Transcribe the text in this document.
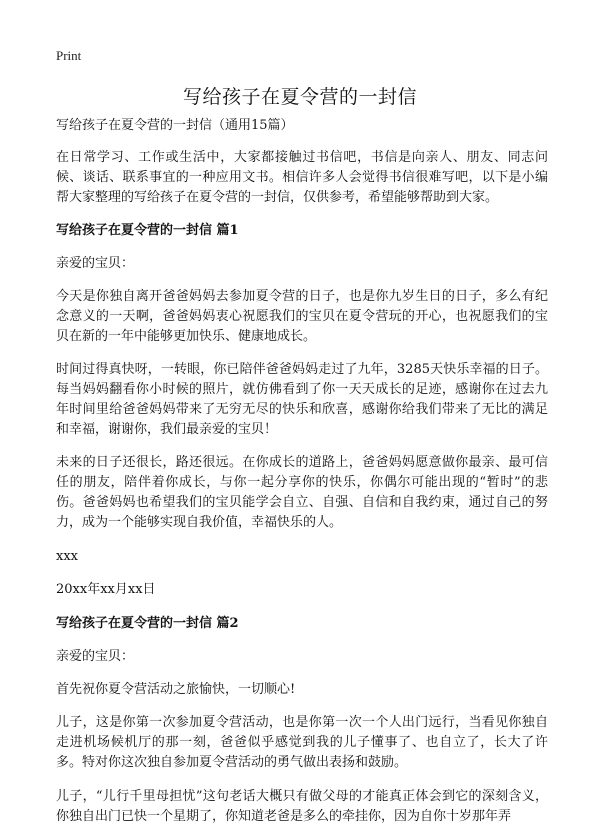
Print
写给孩子在夏令营的一封信

写给孩子在夏令营的一封信（通用15篇）

在日常学习、工作或生活中，大家都接触过书信吧，书信是向亲人、朋友、同志问候、谈话、联系事宜的一种应用文书。相信许多人会觉得书信很难写吧，以下是小编帮大家整理的写给孩子在夏令营的一封信，仅供参考，希望能够帮助到大家。

写给孩子在夏令营的一封信 篇1

亲爱的宝贝：

今天是你独自离开爸爸妈妈去参加夏令营的日子，也是你九岁生日的日子，多么有纪念意义的一天啊，爸爸妈妈衷心祝愿我们的宝贝在夏令营玩的开心，也祝愿我们的宝贝在新的一年中能够更加快乐、健康地成长。

时间过得真快呀，一转眼，你已陪伴爸爸妈妈走过了九年，3285天快乐幸福的日子。每当妈妈翻看你小时候的照片，就仿佛看到了你一天天成长的足迹，感谢你在过去九年时间里给爸爸妈妈带来了无穷无尽的快乐和欣喜，感谢你给我们带来了无比的满足和幸福，谢谢你，我们最亲爱的宝贝！

未来的日子还很长，路还很远。在你成长的道路上，爸爸妈妈愿意做你最亲、最可信任的朋友，陪伴着你成长，与你一起分享你的快乐，你偶尔可能出现的“暂时”的悲伤。爸爸妈妈也希望我们的宝贝能学会自立、自强、自信和自我约束，通过自己的努力，成为一个能够实现自我价值，幸福快乐的人。

xxx

20xx年xx月xx日

写给孩子在夏令营的一封信 篇2

亲爱的宝贝：

首先祝你夏令营活动之旅愉快，一切顺心!

儿子，这是你第一次参加夏令营活动，也是你第一次一个人出门远行，当看见你独自走进机场候机厅的那一刻，爸爸似乎感觉到我的儿子懂事了、也自立了，长大了许多。特对你这次独自参加夏令营活动的勇气做出表扬和鼓励。

儿子，“儿行千里母担忧”这句老话大概只有做父母的才能真正体会到它的深刻含义，你独自出门已快一个星期了，你知道老爸是多么的牵挂你，因为自你十岁那年弄
